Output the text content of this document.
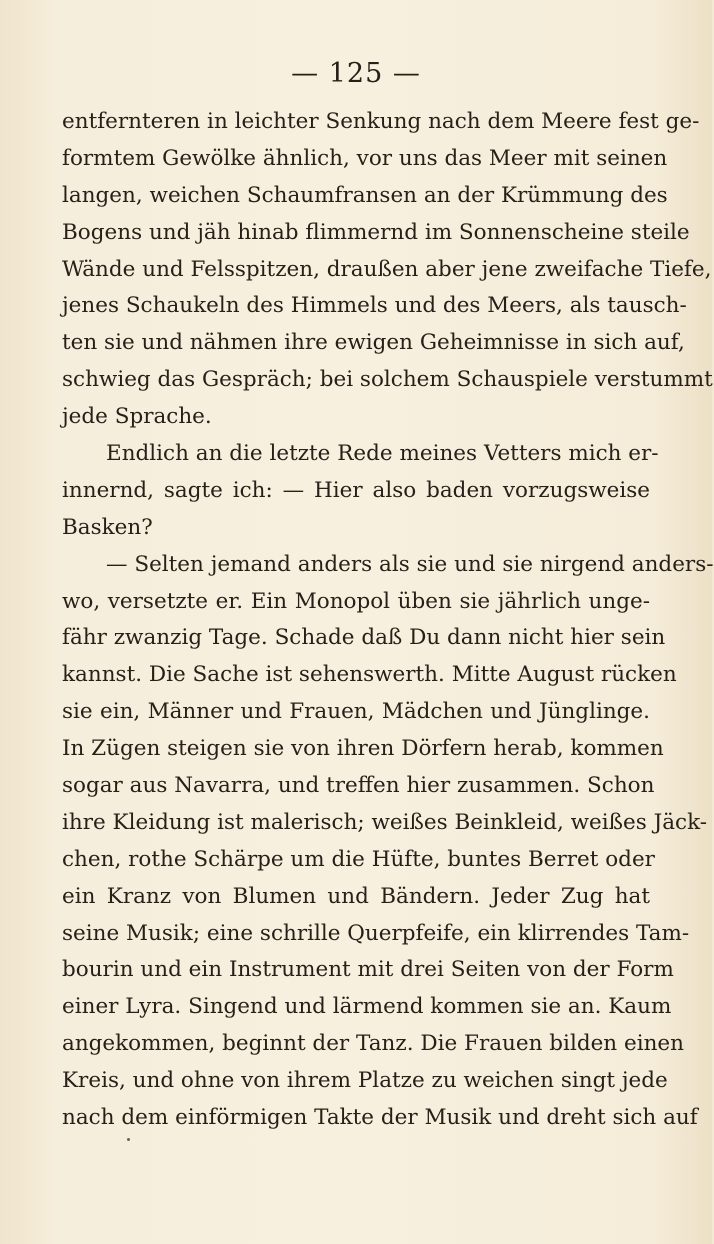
— 125 —
entfernteren in leichter Senkung nach dem Meere fest ge-
formtem Gewölke ähnlich, vor uns das Meer mit seinen
langen, weichen Schaumfransen an der Krümmung des
Bogens und jäh hinab flimmernd im Sonnenscheine steile
Wände und Felsspitzen, draußen aber jene zweifache Tiefe,
jenes Schaukeln des Himmels und des Meers, als tausch-
ten sie und nähmen ihre ewigen Geheimnisse in sich auf,
schwieg das Gespräch; bei solchem Schauspiele verstummt
jede Sprache.
Endlich an die letzte Rede meines Vetters mich er-
innernd, sagte ich: — Hier also baden vorzugsweise
Basken?
— Selten jemand anders als sie und sie nirgend anders-
wo, versetzte er. Ein Monopol üben sie jährlich unge-
fähr zwanzig Tage. Schade daß Du dann nicht hier sein
kannst. Die Sache ist sehenswerth. Mitte August rücken
sie ein, Männer und Frauen, Mädchen und Jünglinge.
In Zügen steigen sie von ihren Dörfern herab, kommen
sogar aus Navarra, und treffen hier zusammen. Schon
ihre Kleidung ist malerisch; weißes Beinkleid, weißes Jäck-
chen, rothe Schärpe um die Hüfte, buntes Berret oder
ein Kranz von Blumen und Bändern. Jeder Zug hat
seine Musik; eine schrille Querpfeife, ein klirrendes Tam-
bourin und ein Instrument mit drei Seiten von der Form
einer Lyra. Singend und lärmend kommen sie an. Kaum
angekommen, beginnt der Tanz. Die Frauen bilden einen
Kreis, und ohne von ihrem Platze zu weichen singt jede
nach dem einförmigen Takte der Musik und dreht sich auf
